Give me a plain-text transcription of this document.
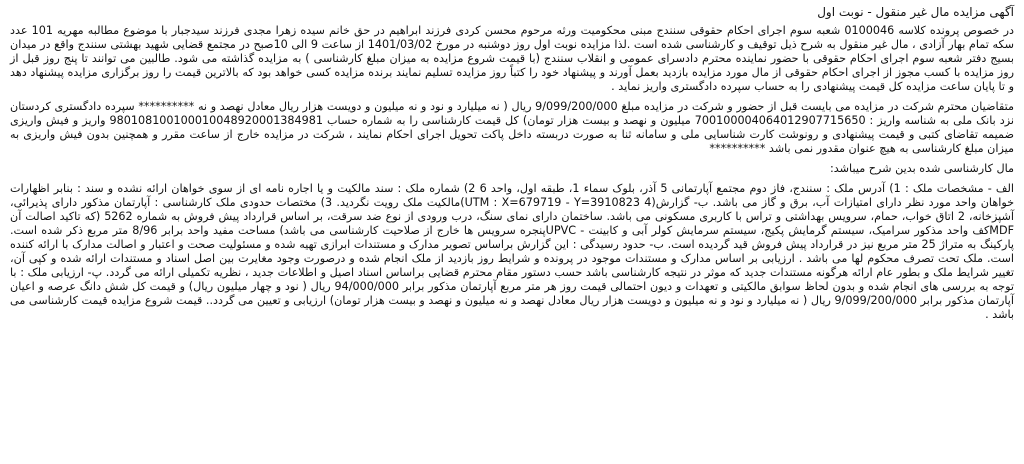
آگهی مزایده مال غیر منقول - نوبت اول
در خصوص پرونده کلاسه 0100046 شعبه سوم اجرای احکام حقوقی سنندج مبنی محکومیت ورثه مرحوم محسن کردی فرزند ابراهیم در حق خانم سیده زهرا مجدی فرزند سیدجبار با موضوع مطالبه مهریه 101 عدد سکه تمام بهار آزادی ، مال غیر منقول به شرح ذیل توقیف و کارشناسی شده است .لذا مزایده نوبت اول روز دوشنبه در مورخ 1401/03/02 از ساعت 9 الی 10صبح در مجتمع قضایی شهید بهشتی سنندج واقع در میدان بسیج دفتر شعبه سوم اجرای احکام حقوقی با حضور نماینده محترم دادسرای عمومی و انقلاب سنندج (با قیمت شروع مزایده به میزان مبلغ کارشناسی ) به مزایده گذاشته می شود. طالبین می توانند تا پنج روز قبل از روز مزایده با کسب مجوز از اجرای احکام حقوقی از مال مورد مزایده بازدید بعمل آورند و پیشنهاد خود را کتباً روز مزایده تسلیم نمایند برنده مزایده کسی خواهد بود که بالاترین قیمت را روز برگزاری مزایده پیشنهاد دهد و تا پایان ساعت مزایده کل قیمت پیشنهادی را به حساب سپرده دادگستری واریز نماید .
متقاضیان محترم شرکت در مزایده می بایست قبل از حضور و شرکت در مزایده مبلغ 9/099/200/000 ریال ( نه میلیارد و نود و نه میلیون و دویست هزار ریال معادل نهصد و نه ********** سپرده دادگستری کردستان نزد بانک ملی به شناسه واریز : 700100004064012907715650 میلیون و نهصد و بیست هزار تومان) کل قیمت کارشناسی را به شماره حساب 980108100100010048920001384981 واریز و فیش واریزی ضمیمه تقاضای کتبی و قیمت پیشنهادی و رونوشت کارت شناسایی ملی و سامانه ثنا به صورت دربسته داخل پاکت تحویل اجرای احکام نمایند ، شرکت در مزایده خارج از ساعت مقرر و همچنین بدون فیش واریزی به میزان مبلغ کارشناسی به هیچ عنوان مقدور نمی باشد **********
مال کارشناسی شده بدین شرح میباشد:
الف - مشخصات ملک : 1) آدرس ملک : سنندج، فاز دوم مجتمع آپارتمانی 5 آذر، بلوک سماء 1، طبقه اول، واحد 6 2) شماره ملک : سند مالکیت و یا اجاره نامه ای از سوی خواهان ارائه نشده و سند : بنابر اظهارات خواهان واحد مورد نظر دارای امتیازات آب، برق و گاز می باشد. ب- گزارش(4 UTM : X=679719 - Y=3910823)مالکیت ملک رویت نگردید. 3) مختصات حدودی ملک کارشناسی : آپارتمان مذکور دارای پذیرائی، آشپزخانه، 2 اتاق خواب، حمام، سرویس بهداشتی و تراس با کاربری مسکونی می باشد. ساختمان دارای نمای سنگ، درب ورودی از نوع ضد سرقت، بر اساس قرارداد پیش فروش به شماره 5262 (که تاکید اصالت آن MDFکف واحد مذکور سرامیک، سیستم گرمایش پکیج، سیستم سرمایش کولر آبی و کابینت - UPVCپنجره سرویس ها خارج از صلاحیت کارشناسی می باشد) مساحت مفید واحد برابر 8/96 متر مربع ذکر شده است. پارکینگ به متراژ 25 متر مربع نیز در قرارداد پیش فروش قید گردیده است. ب- حدود رسیدگی : این گزارش براساس تصویر مدارک و مستندات ابرازی تهیه شده و مسئولیت صحت و اعتبار و اصالت مدارک با ارائه کننده است. ملک تحت تصرف محکوم لها می باشد . ارزیابی بر اساس مدارک و مستندات موجود در پرونده و شرایط روز بازدید از ملک انجام شده و درصورت وجود مغایرت بین اصل اسناد و مستندات ارائه شده و کپی آن، تغییر شرایط ملک و بطور عام ارائه هرگونه مستندات جدید که موثر در نتیجه کارشناسی باشد حسب دستور مقام محترم قضایی براساس اسناد اصیل و اطلاعات جدید ، نظریه تکمیلی ارائه می گردد. پ- ارزیابی ملک : با توجه به بررسی های انجام شده و بدون لحاظ سوابق مالکیتی و تعهدات و دیون احتمالی قیمت روز هر متر مربع آپارتمان مذکور برابر 94/000/000 ریال ( نود و چهار میلیون ریال) و قیمت کل شش دانگ عرصه و اعیان آپارتمان مذکور برابر 9/099/200/000 ریال ( نه میلیارد و نود و نه میلیون و دویست هزار ریال معادل نهصد و نه میلیون و نهصد و بیست هزار تومان) ارزیابی و تعیین می گردد.. قیمت شروع مزایده قیمت کارشناسی می باشد .
